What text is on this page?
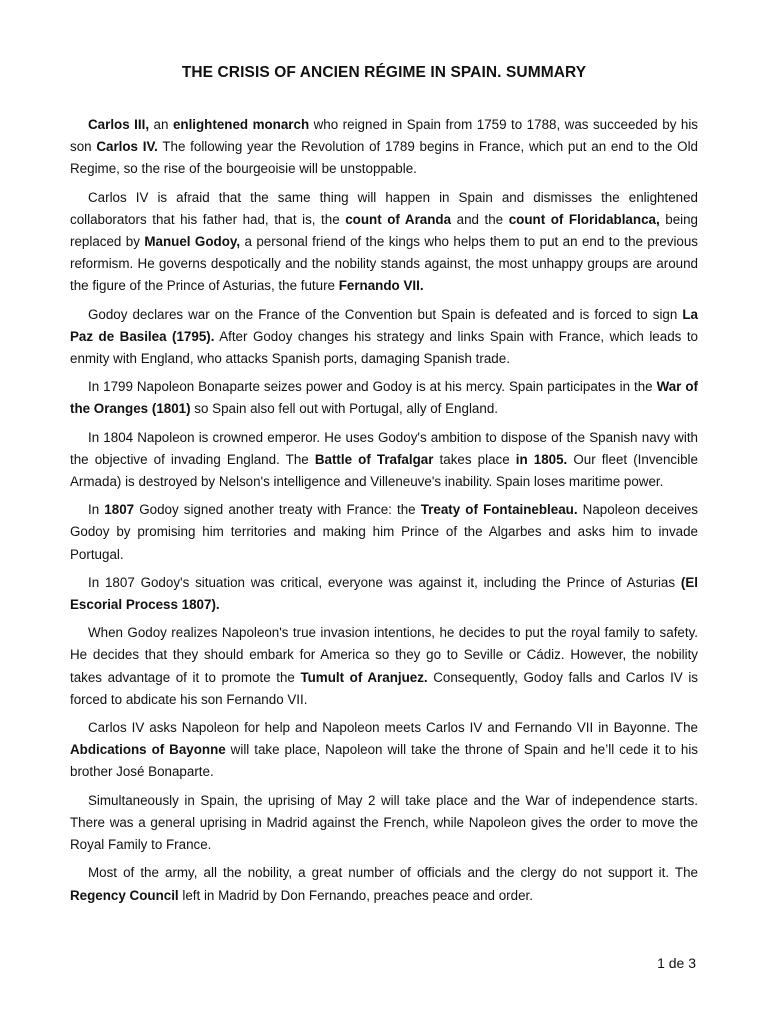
THE CRISIS OF ANCIEN RÉGIME IN SPAIN. SUMMARY

Carlos III, an enlightened monarch who reigned in Spain from 1759 to 1788, was succeeded by his son Carlos IV. The following year the Revolution of 1789 begins in France, which put an end to the Old Regime, so the rise of the bourgeoisie will be unstoppable.

Carlos IV is afraid that the same thing will happen in Spain and dismisses the enlightened collaborators that his father had, that is, the count of Aranda and the count of Floridablanca, being replaced by Manuel Godoy, a personal friend of the kings who helps them to put an end to the previous reformism. He governs despotically and the nobility stands against, the most unhappy groups are around the figure of the Prince of Asturias, the future Fernando VII.

Godoy declares war on the France of the Convention but Spain is defeated and is forced to sign La Paz de Basilea (1795). After Godoy changes his strategy and links Spain with France, which leads to enmity with England, who attacks Spanish ports, damaging Spanish trade.

In 1799 Napoleon Bonaparte seizes power and Godoy is at his mercy. Spain participates in the War of the Oranges (1801) so Spain also fell out with Portugal, ally of England.

In 1804 Napoleon is crowned emperor. He uses Godoy's ambition to dispose of the Spanish navy with the objective of invading England. The Battle of Trafalgar takes place in 1805. Our fleet (Invencible Armada) is destroyed by Nelson's intelligence and Villeneuve's inability. Spain loses maritime power.

In 1807 Godoy signed another treaty with France: the Treaty of Fontainebleau. Napoleon deceives Godoy by promising him territories and making him Prince of the Algarbes and asks him to invade Portugal.

In 1807 Godoy's situation was critical, everyone was against it, including the Prince of Asturias (El Escorial Process 1807).

When Godoy realizes Napoleon's true invasion intentions, he decides to put the royal family to safety. He decides that they should embark for America so they go to Seville or Cádiz. However, the nobility takes advantage of it to promote the Tumult of Aranjuez. Consequently, Godoy falls and Carlos IV is forced to abdicate his son Fernando VII.

Carlos IV asks Napoleon for help and Napoleon meets Carlos IV and Fernando VII in Bayonne. The Abdications of Bayonne will take place, Napoleon will take the throne of Spain and he’ll cede it to his brother José Bonaparte.

Simultaneously in Spain, the uprising of May 2 will take place and the War of independence starts. There was a general uprising in Madrid against the French, while Napoleon gives the order to move the Royal Family to France.

Most of the army, all the nobility, a great number of officials and the clergy do not support it. The Regency Council left in Madrid by Don Fernando, preaches peace and order.

1 de 3
